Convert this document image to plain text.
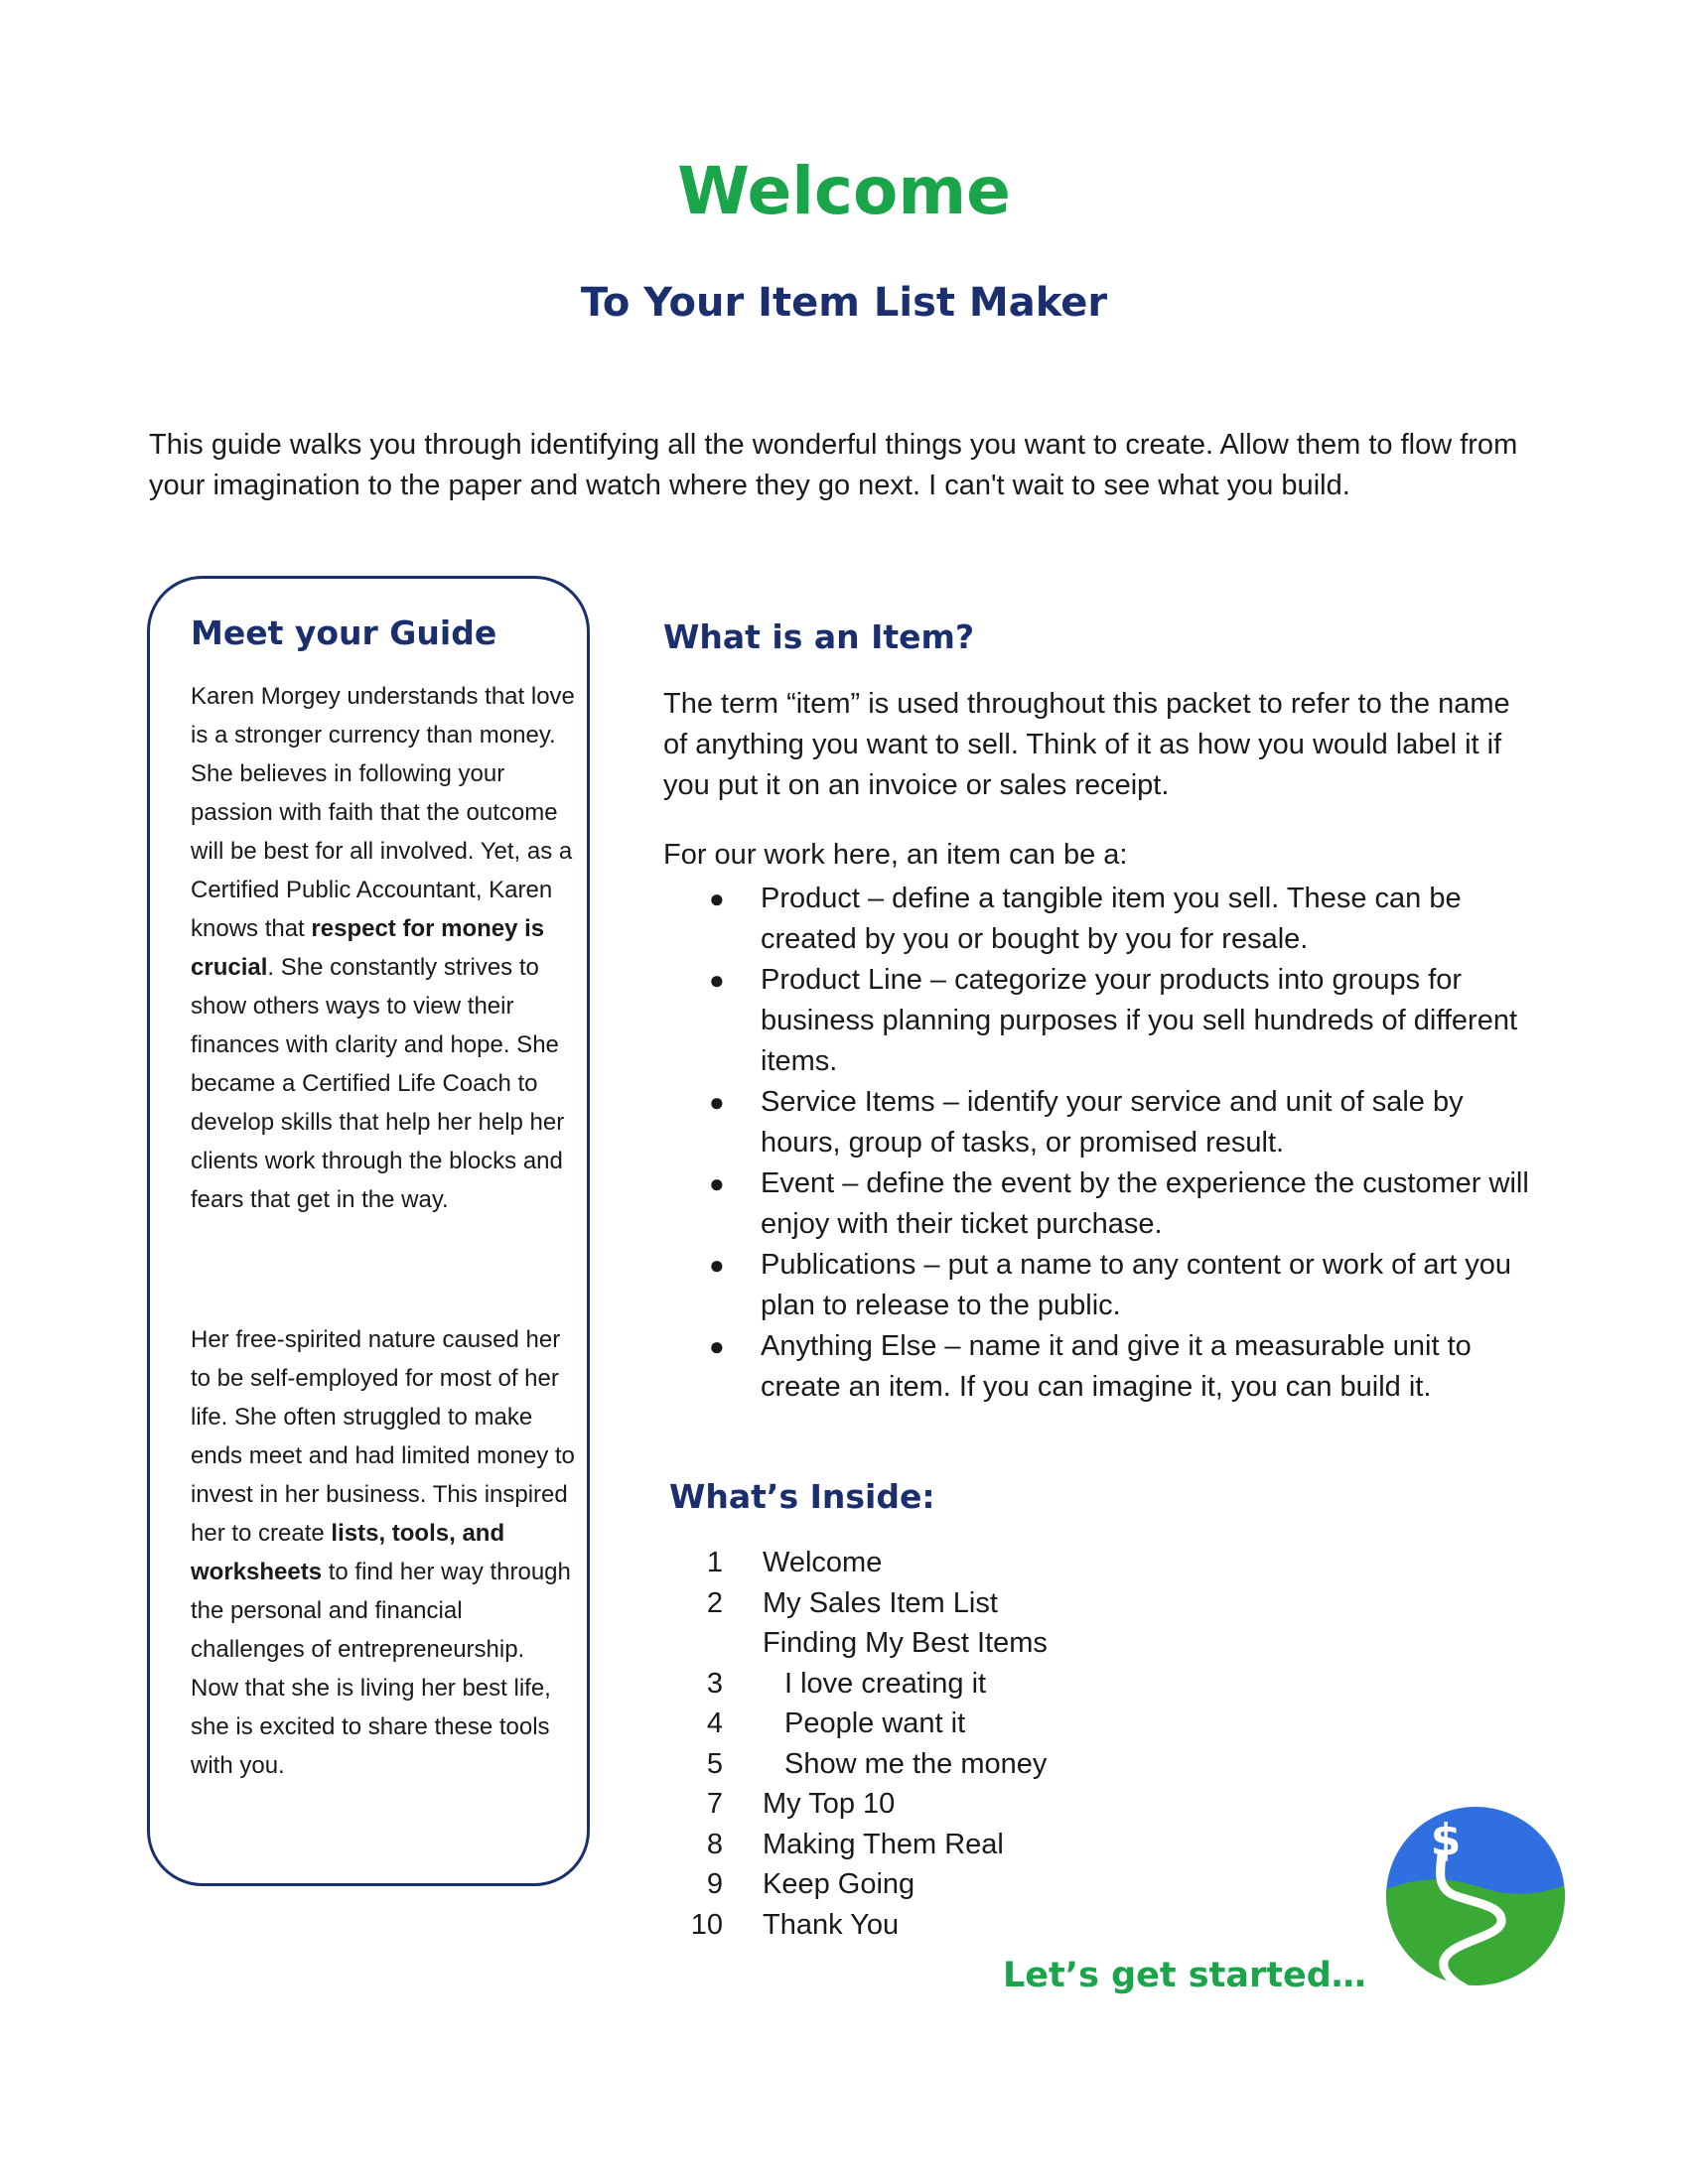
Welcome
To Your Item List Maker

This guide walks you through identifying all the wonderful things you want to create. Allow them to flow from your imagination to the paper and watch where they go next. I can't wait to see what you build.

Meet your Guide

Karen Morgey understands that love is a stronger currency than money. She believes in following your passion with faith that the outcome will be best for all involved. Yet, as a Certified Public Accountant, Karen knows that respect for money is crucial. She constantly strives to show others ways to view their finances with clarity and hope. She became a Certified Life Coach to develop skills that help her help her clients work through the blocks and fears that get in the way.

Her free-spirited nature caused her to be self-employed for most of her life. She often struggled to make ends meet and had limited money to invest in her business. This inspired her to create lists, tools, and worksheets to find her way through the personal and financial challenges of entrepreneurship. Now that she is living her best life, she is excited to share these tools with you.

What is an Item?

The term “item” is used throughout this packet to refer to the name of anything you want to sell. Think of it as how you would label it if you put it on an invoice or sales receipt.

For our work here, an item can be a:

● Product – define a tangible item you sell. These can be created by you or bought by you for resale.
● Product Line – categorize your products into groups for business planning purposes if you sell hundreds of different items.
● Service Items – identify your service and unit of sale by hours, group of tasks, or promised result.
● Event – define the event by the experience the customer will enjoy with their ticket purchase.
● Publications – put a name to any content or work of art you plan to release to the public.
● Anything Else – name it and give it a measurable unit to create an item. If you can imagine it, you can build it.
What’s Inside:
1 Welcome
2 My Sales Item List
Finding My Best Items
3 I love creating it
4 People want it
5 Show me the money
7 My Top 10
8 Making Them Real
9 Keep Going
10 Thank You

Let’s get started…

$
